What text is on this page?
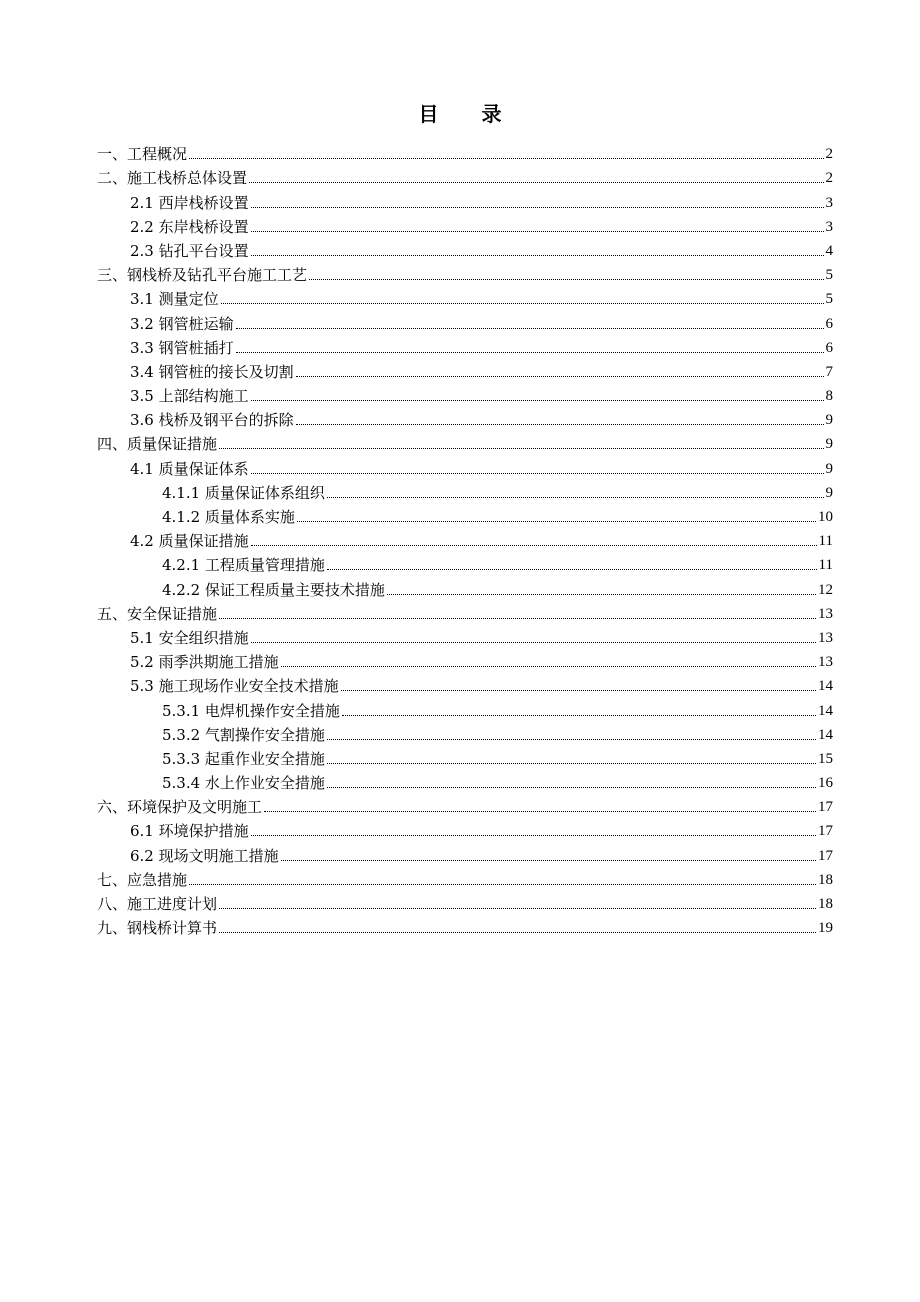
目 录
一、工程概况	2
二、施工栈桥总体设置	2
2.1 西岸栈桥设置	3
2.2 东岸栈桥设置	3
2.3 钻孔平台设置	4
三、钢栈桥及钻孔平台施工工艺	5
3.1 测量定位	5
3.2 钢管桩运输	6
3.3 钢管桩插打	6
3.4 钢管桩的接长及切割	7
3.5 上部结构施工	8
3.6 栈桥及钢平台的拆除	9
四、质量保证措施	9
4.1 质量保证体系	9
4.1.1 质量保证体系组织	9
4.1.2 质量体系实施	10
4.2 质量保证措施	11
4.2.1 工程质量管理措施	11
4.2.2 保证工程质量主要技术措施	12
五、安全保证措施	13
5.1 安全组织措施	13
5.2 雨季洪期施工措施	13
5.3 施工现场作业安全技术措施	14
5.3.1 电焊机操作安全措施	14
5.3.2 气割操作安全措施	14
5.3.3 起重作业安全措施	15
5.3.4 水上作业安全措施	16
六、环境保护及文明施工	17
6.1 环境保护措施	17
6.2 现场文明施工措施	17
七、应急措施	18
八、施工进度计划	18
九、钢栈桥计算书	19
